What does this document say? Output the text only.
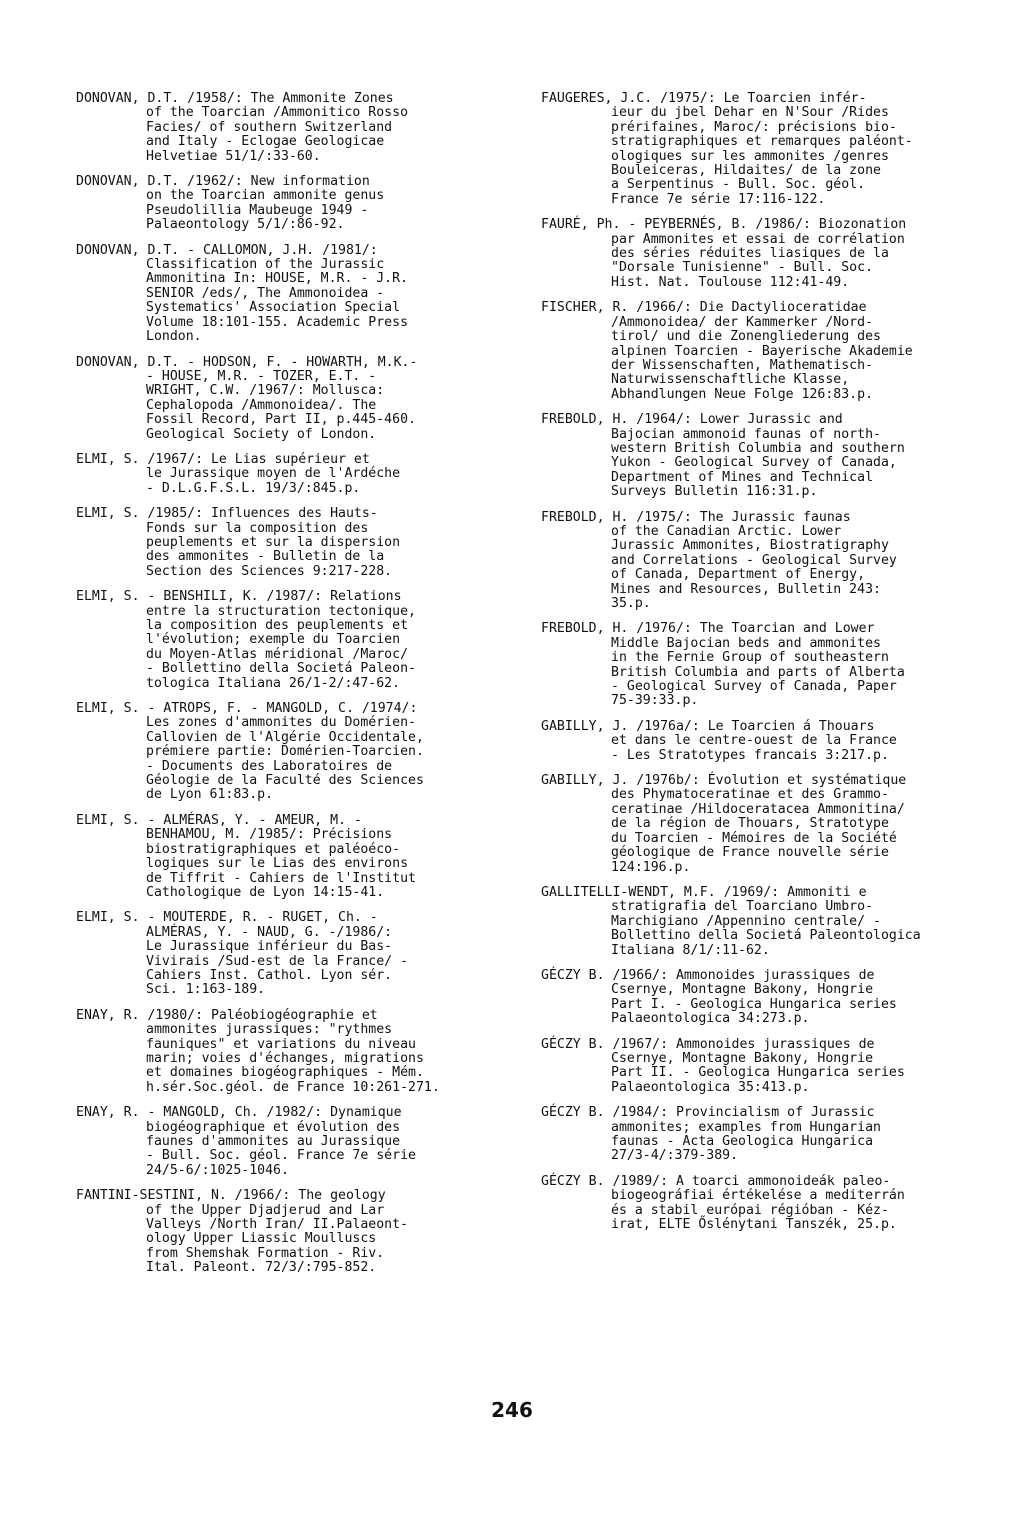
DONOVAN, D.T. /1958/: The Ammonite Zones
of the Toarcian /Ammonitico Rosso
Facies/ of southern Switzerland
and Italy - Eclogae Geologicae
Helvetiae 51/1/:33-60.
DONOVAN, D.T. /1962/: New information
on the Toarcian ammonite genus
Pseudolillia Maubeuge 1949 -
Palaeontology 5/1/:86-92.
DONOVAN, D.T. - CALLOMON, J.H. /1981/:
Classification of the Jurassic
Ammonitina In: HOUSE, M.R. - J.R.
SENIOR /eds/, The Ammonoidea -
Systematics' Association Special
Volume 18:101-155. Academic Press
London.
DONOVAN, D.T. - HODSON, F. - HOWARTH, M.K.-
- HOUSE, M.R. - TOZER, E.T. -
WRIGHT, C.W. /1967/: Mollusca:
Cephalopoda /Ammonoidea/. The
Fossil Record, Part II, p.445-460.
Geological Society of London.
ELMI, S. /1967/: Le Lias supérieur et
le Jurassique moyen de l'Ardéche
- D.L.G.F.S.L. 19/3/:845.p.
ELMI, S. /1985/: Influences des Hauts-
Fonds sur la composition des
peuplements et sur la dispersion
des ammonites - Bulletin de la
Section des Sciences 9:217-228.
ELMI, S. - BENSHILI, K. /1987/: Relations
entre la structuration tectonique,
la composition des peuplements et
l'évolution; exemple du Toarcien
du Moyen-Atlas méridional /Maroc/
- Bollettino della Societá Paleon-
tologica Italiana 26/1-2/:47-62.
ELMI, S. - ATROPS, F. - MANGOLD, C. /1974/:
Les zones d'ammonites du Domérien-
Callovien de l'Algérie Occidentale,
prémiere partie: Domérien-Toarcien.
- Documents des Laboratoires de
Géologie de la Faculté des Sciences
de Lyon 61:83.p.
ELMI, S. - ALMÉRAS, Y. - AMEUR, M. -
BENHAMOU, M. /1985/: Précisions
biostratigraphiques et paléoéco-
logiques sur le Lias des environs
de Tiffrit - Cahiers de l'Institut
Cathologique de Lyon 14:15-41.
ELMI, S. - MOUTERDE, R. - RUGET, Ch. -
ALMÉRAS, Y. - NAUD, G. -/1986/:
Le Jurassique inférieur du Bas-
Vivirais /Sud-est de la France/ -
Cahiers Inst. Cathol. Lyon sér.
Sci. 1:163-189.
ENAY, R. /1980/: Paléobiogéographie et
ammonites jurassiques: "rythmes
fauniques" et variations du niveau
marin; voies d'échanges, migrations
et domaines biogéographiques - Mém.
h.sér.Soc.géol. de France 10:261-271.
ENAY, R. - MANGOLD, Ch. /1982/: Dynamique
biogéographique et évolution des
faunes d'ammonites au Jurassique
- Bull. Soc. géol. France 7e série
24/5-6/:1025-1046.
FANTINI-SESTINI, N. /1966/: The geology
of the Upper Djadjerud and Lar
Valleys /North Iran/ II.Palaeont-
ology Upper Liassic Moulluscs
from Shemshak Formation - Riv.
Ital. Paleont. 72/3/:795-852.
FAUGERES, J.C. /1975/: Le Toarcien infér-
ieur du jbel Dehar en N'Sour /Rides
prérifaines, Maroc/: précisions bio-
stratigraphiques et remarques paléont-
ologiques sur les ammonites /genres
Bouleiceras, Hildaites/ de la zone
a Serpentinus - Bull. Soc. géol.
France 7e série 17:116-122.
FAURÉ, Ph. - PEYBERNÉS, B. /1986/: Biozonation
par Ammonites et essai de corrélation
des séries réduites liasiques de la
"Dorsale Tunisienne" - Bull. Soc.
Hist. Nat. Toulouse 112:41-49.
FISCHER, R. /1966/: Die Dactylioceratidae
/Ammonoidea/ der Kammerker /Nord-
tirol/ und die Zonengliederung des
alpinen Toarcien - Bayerische Akademie
der Wissenschaften, Mathematisch-
Naturwissenschaftliche Klasse,
Abhandlungen Neue Folge 126:83.p.
FREBOLD, H. /1964/: Lower Jurassic and
Bajocian ammonoid faunas of north-
western British Columbia and southern
Yukon - Geological Survey of Canada,
Department of Mines and Technical
Surveys Bulletin 116:31.p.
FREBOLD, H. /1975/: The Jurassic faunas
of the Canadian Arctic. Lower
Jurassic Ammonites, Biostratigraphy
and Correlations - Geological Survey
of Canada, Department of Energy,
Mines and Resources, Bulletin 243:
35.p.
FREBOLD, H. /1976/: The Toarcian and Lower
Middle Bajocian beds and ammonites
in the Fernie Group of southeastern
British Columbia and parts of Alberta
- Geological Survey of Canada, Paper
75-39:33.p.
GABILLY, J. /1976a/: Le Toarcien á Thouars
et dans le centre-ouest de la France
- Les Stratotypes francais 3:217.p.
GABILLY, J. /1976b/: Évolution et systématique
des Phymatoceratinae et des Grammo-
ceratinae /Hildoceratacea Ammonitina/
de la région de Thouars, Stratotype
du Toarcien - Mémoires de la Société
géologique de France nouvelle série
124:196.p.
GALLITELLI-WENDT, M.F. /1969/: Ammoniti e
stratigrafia del Toarciano Umbro-
Marchigiano /Appennino centrale/ -
Bollettino della Societá Paleontologica
Italiana 8/1/:11-62.
GÉCZY B. /1966/: Ammonoides jurassiques de
Csernye, Montagne Bakony, Hongrie
Part I. - Geologica Hungarica series
Palaeontologica 34:273.p.
GÉCZY B. /1967/: Ammonoides jurassiques de
Csernye, Montagne Bakony, Hongrie
Part II. - Geologica Hungarica series
Palaeontologica 35:413.p.
GÉCZY B. /1984/: Provincialism of Jurassic
ammonites; examples from Hungarian
faunas - Acta Geologica Hungarica
27/3-4/:379-389.
GÉCZY B. /1989/: A toarci ammonoideák paleo-
biogeográfiai értékelése a mediterrán
és a stabil európai régióban - Kéz-
irat, ELTE Őslénytani Tanszék, 25.p.
246
